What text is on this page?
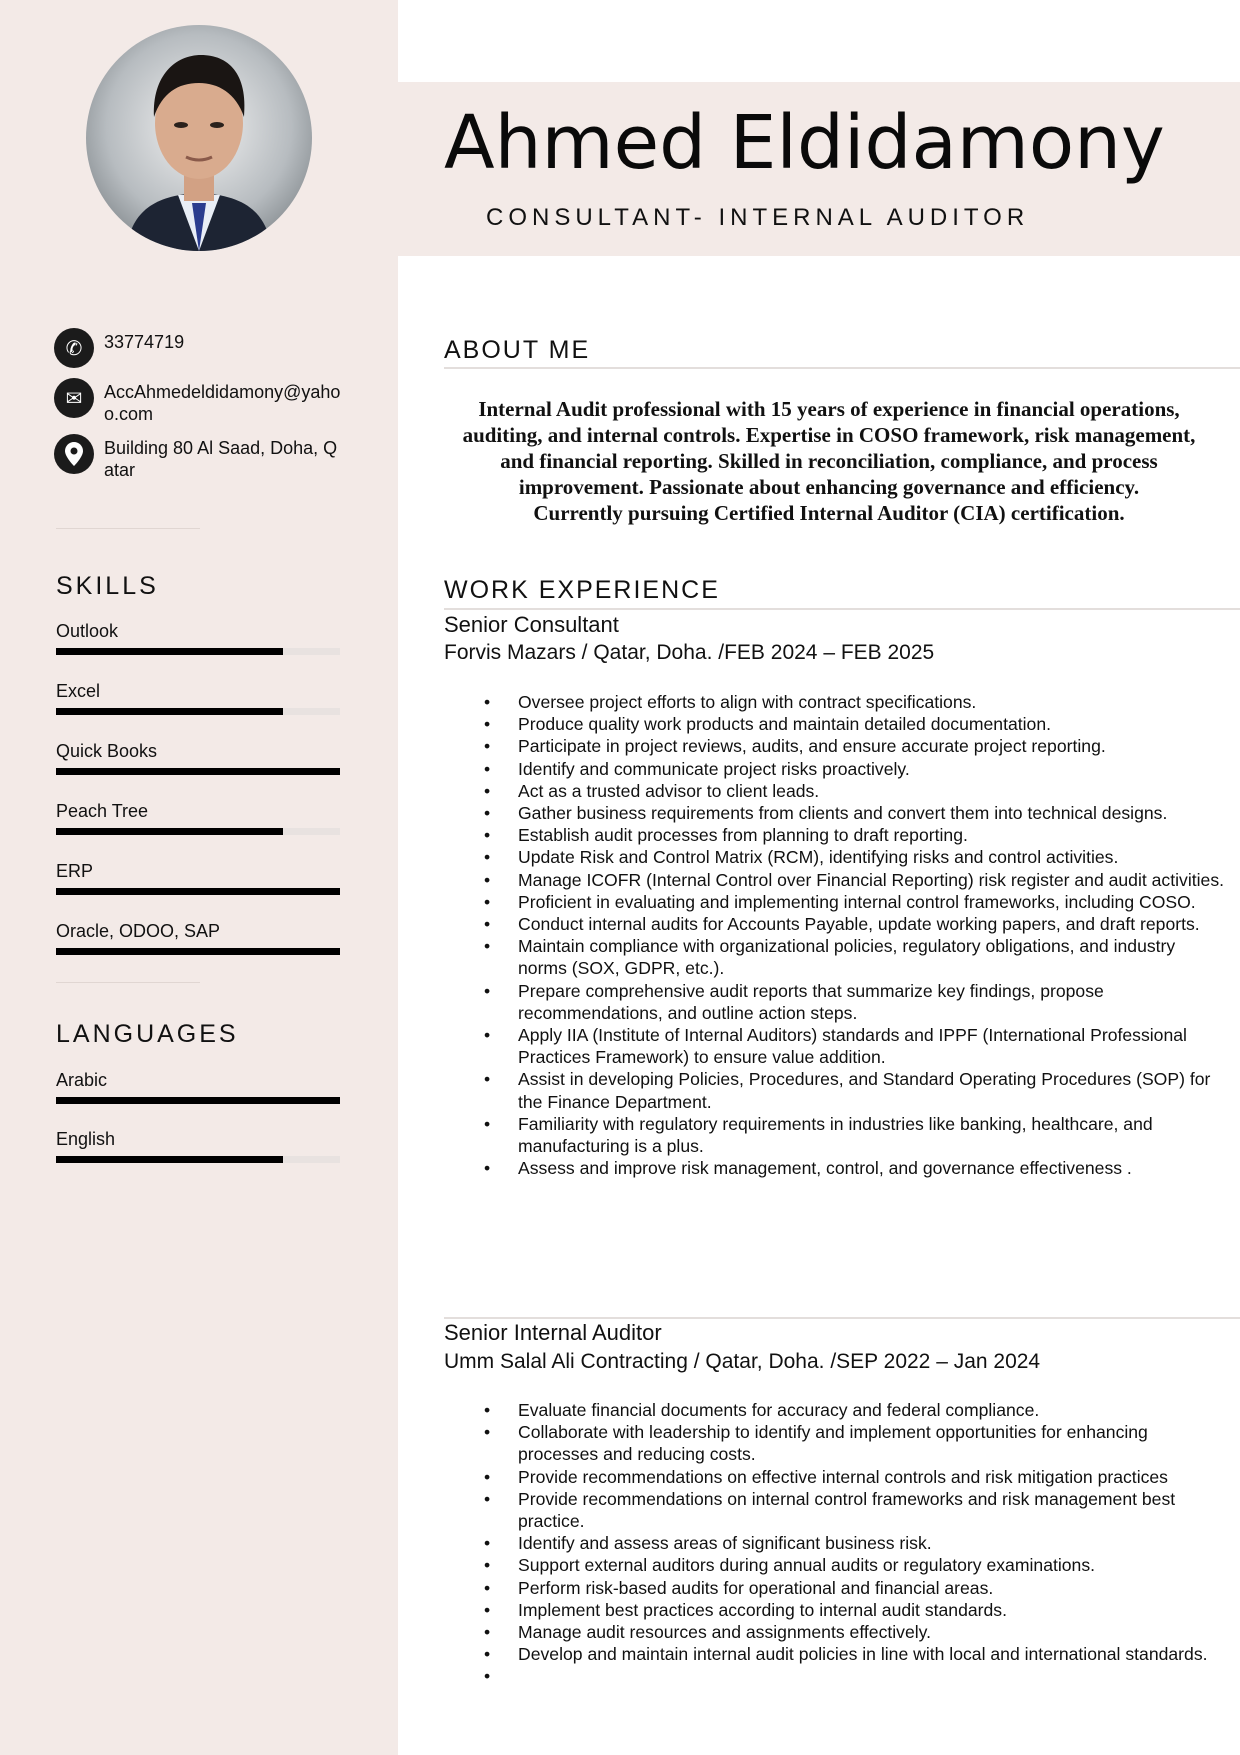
✆	33774719
✉	AccAhmedeldidamony@yahoo.com
Building 80 Al Saad, Doha, Qatar
SKILLS
Outlook
Excel
Quick Books
Peach Tree
ERP
Oracle, ODOO, SAP
LANGUAGES
Arabic
English
Ahmed Eldidamony
CONSULTANT- INTERNAL AUDITOR
ABOUT ME
Internal Audit professional with 15 years of experience in financial operations, auditing, and internal controls. Expertise in COSO framework, risk management, and financial reporting. Skilled in reconciliation, compliance, and process improvement. Passionate about enhancing governance and efficiency.
Currently pursuing Certified Internal Auditor (CIA) certification.
WORK EXPERIENCE
Senior Consultant
Forvis Mazars / Qatar, Doha. /FEB 2024 – FEB 2025
• Oversee project efforts to align with contract specifications.
• Produce quality work products and maintain detailed documentation.
• Participate in project reviews, audits, and ensure accurate project reporting.
• Identify and communicate project risks proactively.
• Act as a trusted advisor to client leads.
• Gather business requirements from clients and convert them into technical designs.
• Establish audit processes from planning to draft reporting.
• Update Risk and Control Matrix (RCM), identifying risks and control activities.
• Manage ICOFR (Internal Control over Financial Reporting) risk register and audit activities.
• Proficient in evaluating and implementing internal control frameworks, including COSO.
• Conduct internal audits for Accounts Payable, update working papers, and draft reports.
• Maintain compliance with organizational policies, regulatory obligations, and industry norms (SOX, GDPR, etc.).
• Prepare comprehensive audit reports that summarize key findings, propose recommendations, and outline action steps.
• Apply IIA (Institute of Internal Auditors) standards and IPPF (International Professional Practices Framework) to ensure value addition.
• Assist in developing Policies, Procedures, and Standard Operating Procedures (SOP) for the Finance Department.
• Familiarity with regulatory requirements in industries like banking, healthcare, and manufacturing is a plus.
• Assess and improve risk management, control, and governance effectiveness .
Senior Internal Auditor
Umm Salal Ali Contracting / Qatar, Doha. /SEP 2022 – Jan 2024
• Evaluate financial documents for accuracy and federal compliance.
• Collaborate with leadership to identify and implement opportunities for enhancing processes and reducing costs.
• Provide recommendations on effective internal controls and risk mitigation practices
• Provide recommendations on internal control frameworks and risk management best practice.
• Identify and assess areas of significant business risk.
• Support external auditors during annual audits or regulatory examinations.
• Perform risk-based audits for operational and financial areas.
• Implement best practices according to internal audit standards.
• Manage audit resources and assignments effectively.
• Develop and maintain internal audit policies in line with local and international standards.
•
